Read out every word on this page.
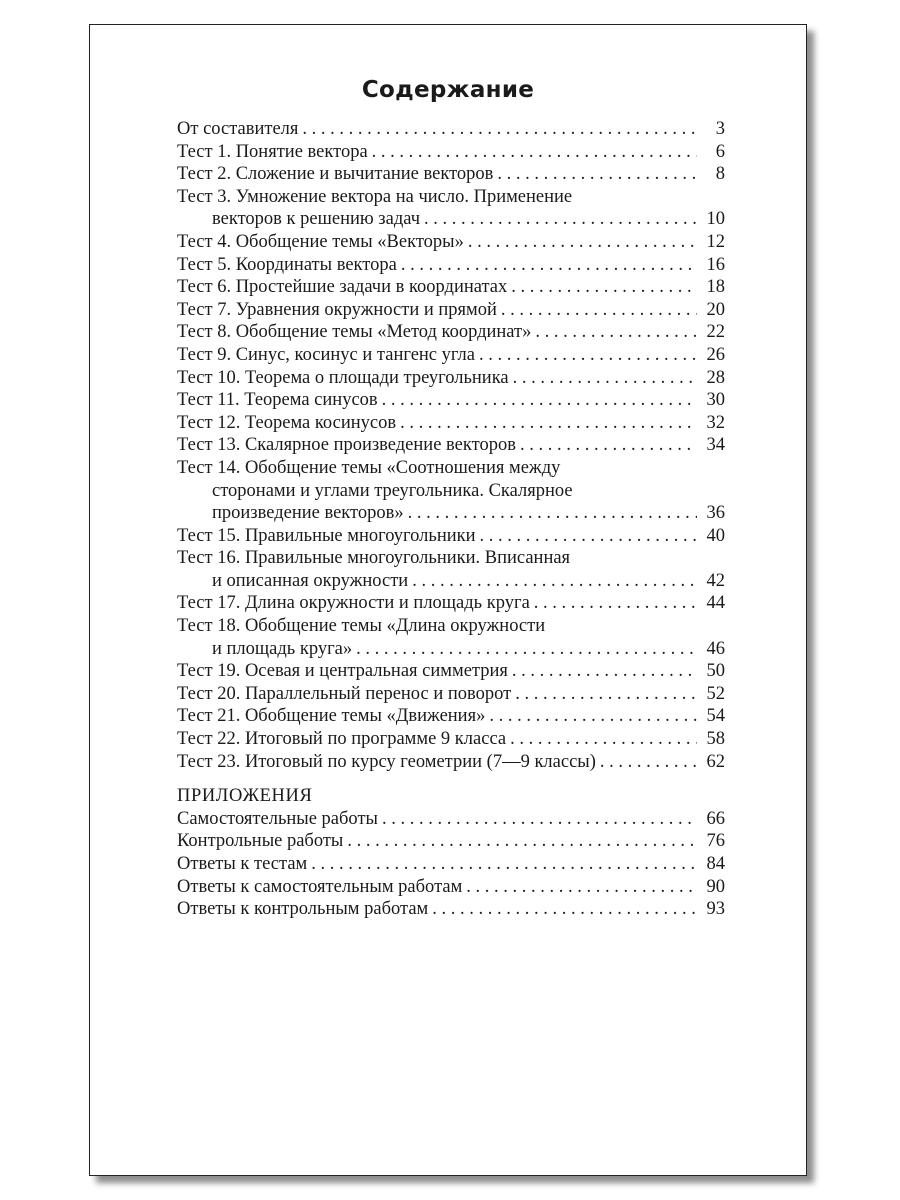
Содержание
От составителя . . .	3
Тест 1. Понятие вектора . . .	6
Тест 2. Сложение и вычитание векторов . . .	8
Тест 3. Умножение вектора на число. Применение
векторов к решению задач . . .	10
Тест 4. Обобщение темы «Векторы» . . .	12
Тест 5. Координаты вектора . . .	16
Тест 6. Простейшие задачи в координатах . . .	18
Тест 7. Уравнения окружности и прямой . . .	20
Тест 8. Обобщение темы «Метод координат» . . .	22
Тест 9. Синус, косинус и тангенс угла . . .	26
Тест 10. Теорема о площади треугольника . . .	28
Тест 11. Теорема синусов . . .	30
Тест 12. Теорема косинусов . . .	32
Тест 13. Скалярное произведение векторов . . .	34
Тест 14. Обобщение темы «Соотношения между
сторонами и углами треугольника. Скалярное
произведение векторов» . . .	36
Тест 15. Правильные многоугольники . . .	40
Тест 16. Правильные многоугольники. Вписанная
и описанная окружности . . .	42
Тест 17. Длина окружности и площадь круга . . .	44
Тест 18. Обобщение темы «Длина окружности
и площадь круга» . . .	46
Тест 19. Осевая и центральная симметрия . . .	50
Тест 20. Параллельный перенос и поворот . . .	52
Тест 21. Обобщение темы «Движения» . . .	54
Тест 22. Итоговый по программе 9 класса . . .	58
Тест 23. Итоговый по курсу геометрии (7—9 классы) . . .	62
ПРИЛОЖЕНИЯ
Самостоятельные работы . . .	66
Контрольные работы . . .	76
Ответы к тестам . . .	84
Ответы к самостоятельным работам . . .	90
Ответы к контрольным работам . . .	93
